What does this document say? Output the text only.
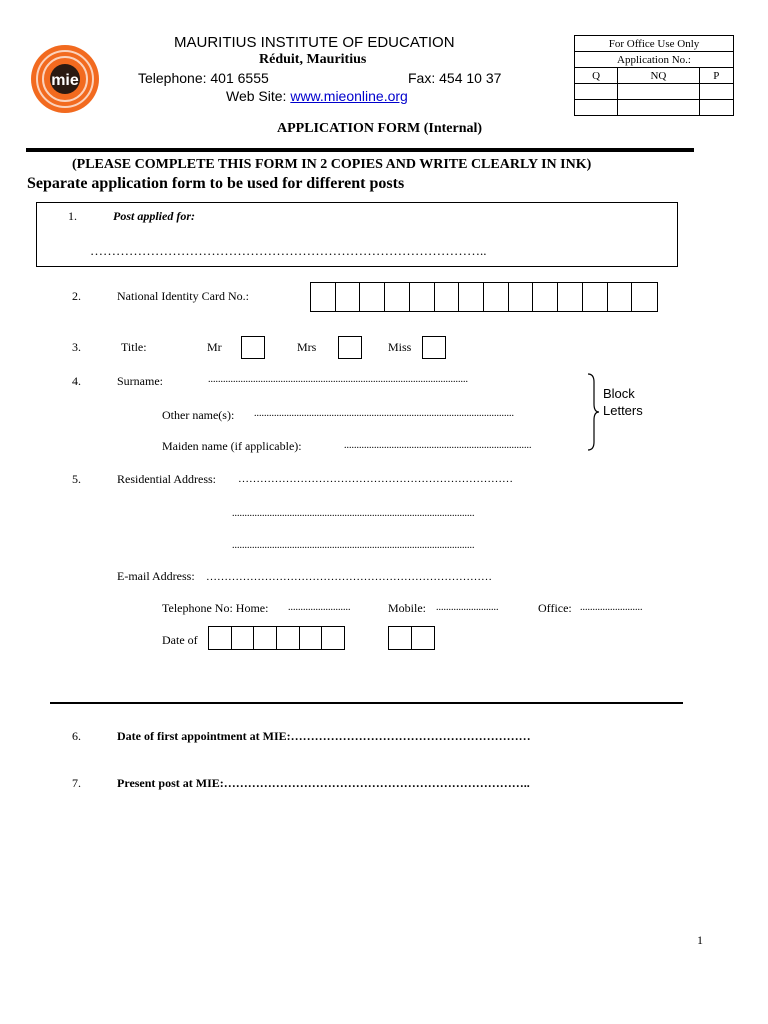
mie
MAURITIUS INSTITUTE OF EDUCATION
Réduit, Mauritius
Telephone: 401 6555	Fax: 454 10 37
Web Site: www.mieonline.org
APPLICATION FORM (Internal)
For Office Use Only		
Application No.:		
Q	NQ	P

(PLEASE COMPLETE THIS FORM IN 2 COPIES AND WRITE CLEARLY IN INK)
Separate application form to be used for different posts
1.	Post applied for:
………………………………………………………………………………..
2.	National Identity Card No.:
3.	Title:	Mr	Mrs	Miss
4.	Surname:	........................................................................................................
Other name(s): ........................................................................................................
Maiden name (if applicable):	...........................................................................
Block Letters
5.	Residential Address: …………………………………………………………………
.................................................................................................
.................................................................................................
E-mail Address: ……………………………………………………………………
Telephone No: Home: .........................	Mobile: .........................	Office: .........................
Date of
6.	Date of first appointment at MIE:……………………………………………………
7.	Present post at MIE:…………………………………………………………………..
1
